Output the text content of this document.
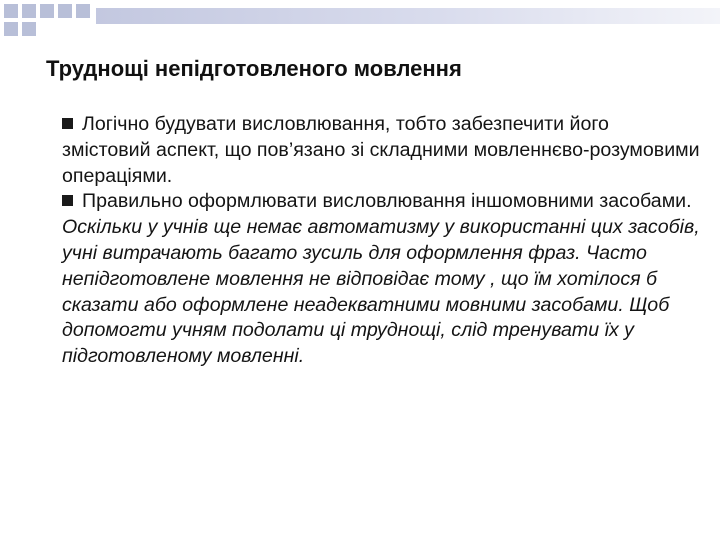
Труднощі непідготовленого мовлення

Логічно будувати висловлювання, тобто забезпечити його змістовий аспект, що пов’язано зі складними мовленнєво-розумовими операціями.

Правильно оформлювати висловлювання іншомовними засобами.

Оскільки у учнів ще немає автоматизму у використанні цих засобів, учні витрачають багато зусиль для оформлення фраз. Часто непідготовлене мовлення не відповідає тому , що їм хотілося б сказати або оформлене неадекватними мовними засобами. Щоб допомогти учням подолати ці труднощі, слід тренувати їх у підготовленому мовленні.
